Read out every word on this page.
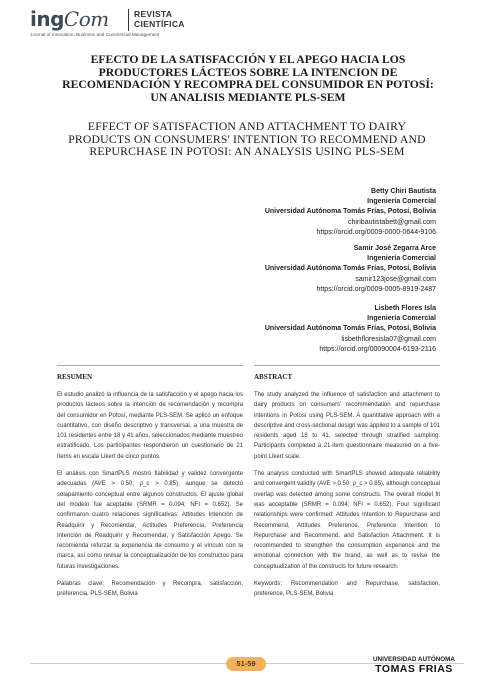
ingCom	REVISTA
CIENTÍFICA
Journal of Innovation, Business and Commercial Management
EFECTO DE LA SATISFACCIÓN Y EL APEGO HACIA LOS PRODUCTORES LÁCTEOS SOBRE LA INTENCION DE RECOMENDACIÓN Y RECOMPRA DEL CONSUMIDOR EN POTOSÍ: UN ANALISIS MEDIANTE PLS-SEM
EFFECT OF SATISFACTION AND ATTACHMENT TO DAIRY PRODUCTS ON CONSUMERS' INTENTION TO RECOMMEND AND REPURCHASE IN POTOSI: AN ANALYSIS USING PLS-SEM
Betty Chiri Bautista
Ingeniería Comercial
Universidad Autónoma Tomás Frías, Potosí, Bolivia
chiribautistabett@gmail.com
https://orcid.org/0009-0000-0644-9106
Samir José Zegarra Arce
Ingeniería Comercial
Universidad Autónoma Tomás Frías, Potosí, Bolivia
samir123jose@gmail.com
https://orcid.org/0009-0005-8919-2487
Lisbeth Flores Isla
Ingeniería Comercial
Universidad Autónoma Tomás Frías, Potosí, Bolivia
lisbethfloresisla07@gmail.com
https://orcid.org/00090004-6193-2116
RESUMEN

El estudio analizó la influencia de la satisfacción y el apego hacia los productos lácteos sobre la intención de recomendación y recompra del consumidor en Potosí, mediante PLS-SEM. Se aplicó un enfoque cuantitativo, con diseño descriptivo y transversal, a una muestra de 101 residentes entre 18 y 41 años, seleccionados mediante muestreo estratificado. Los participantes respondieron un cuestionario de 21 ítems en escala Likert de cinco puntos.

El análisis con SmartPLS mostró fiabilidad y validez convergente adecuadas (AVE > 0.50; ρ_c > 0.85), aunque se detectó solapamiento conceptual entre algunos constructos. El ajuste global del modelo fue aceptable (SRMR = 0.094; NFI = 0.652). Se confirmaron cuatro relaciones significativas: Attitudes Intención de Readquirir y Recomendar, Actitudes Preferencia, Preferencia Intención de Readquirir y Recomendar, y Satisfacción Apego. Se recomienda reforzar la experiencia de consumo y el vínculo con la marca, así como revisar la conceptualización de los constructos para futuras investigaciones.

Palabras clave: Recomendación y Recompra, satisfacción, preferencia, PLS-SEM, Bolivia

ABSTRACT

The study analyzed the influence of satisfaction and attachment to dairy products on consumers' recommendation and repurchase intentions in Potosí using PLS-SEM. A quantitative approach with a descriptive and cross-sectional design was applied to a sample of 101 residents aged 18 to 41, selected through stratified sampling. Participants completed a 21-item questionnaire measured on a five-point Likert scale.

The analysis conducted with SmartPLS showed adequate reliability and convergent validity (AVE > 0.50; ρ_c > 0.85), although conceptual overlap was detected among some constructs. The overall model fit was acceptable (SRMR = 0.094; NFI = 0.652). Four significant relationships were confirmed: Attitudes Intention to Repurchase and Recommend, Attitudes Preference, Preference Intention to Repurchase and Recommend, and Satisfaction Attachment. It is recommended to strengthen the consumption experience and the emotional connection with the brand, as well as to revise the conceptualization of the constructs for future research.

Keywords: Recommendation and Repurchase, satisfaction, preference, PLS-SEM, Bolivia

51-59	UNIVERSIDAD AUTÓNOMA
TOMAS FRIAS
